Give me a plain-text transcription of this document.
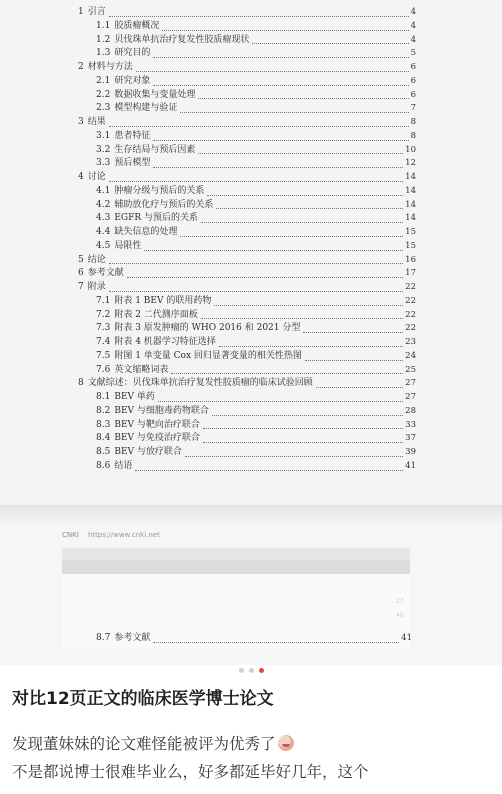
1 引言	4
1.1 胶质瘤概况	4
1.2 贝伐珠单抗治疗复发性胶质瘤现状	4
1.3 研究目的	5
2 材料与方法	6
2.1 研究对象	6
2.2 数据收集与变量处理	6
2.3 模型构建与验证	7
3 结果	8
3.1 患者特征	8
3.2 生存结局与预后因素	10
3.3 预后模型	12
4 讨论	14
4.1 肿瘤分级与预后的关系	14
4.2 辅助放化疗与预后的关系	14
4.3 EGFR 与预后的关系	14
4.4 缺失信息的处理	15
4.5 局限性	15
5 结论	16
6 参考文献	17
7 附录	22
7.1 附表 1 BEV 的联用药物	22
7.2 附表 2 二代测序面板	22
7.3 附表 3 原发肿瘤的 WHO 2016 和 2021 分型	22
7.4 附表 4 机器学习特征选择	23
7.5 附图 1 单变量 Cox 回归显著变量的相关性热图	24
7.6 英文缩略词表	25
8 文献综述：贝伐珠单抗治疗复发性胶质瘤的临床试验回顾	27
8.1 BEV 单药	27
8.2 BEV 与细胞毒药物联合	28
8.3 BEV 与靶向治疗联合	33
8.4 BEV 与免疫治疗联合	37
8.5 BEV 与放疗联合	39
8.6 结语	41
CNKI https://www.cnki.net
27
40
8.7 参考文献	41
对比12页正文的临床医学博士论文
发现董妹妹的论文难怪能被评为优秀了
不是都说博士很难毕业么，好多都延毕好几年，这个
